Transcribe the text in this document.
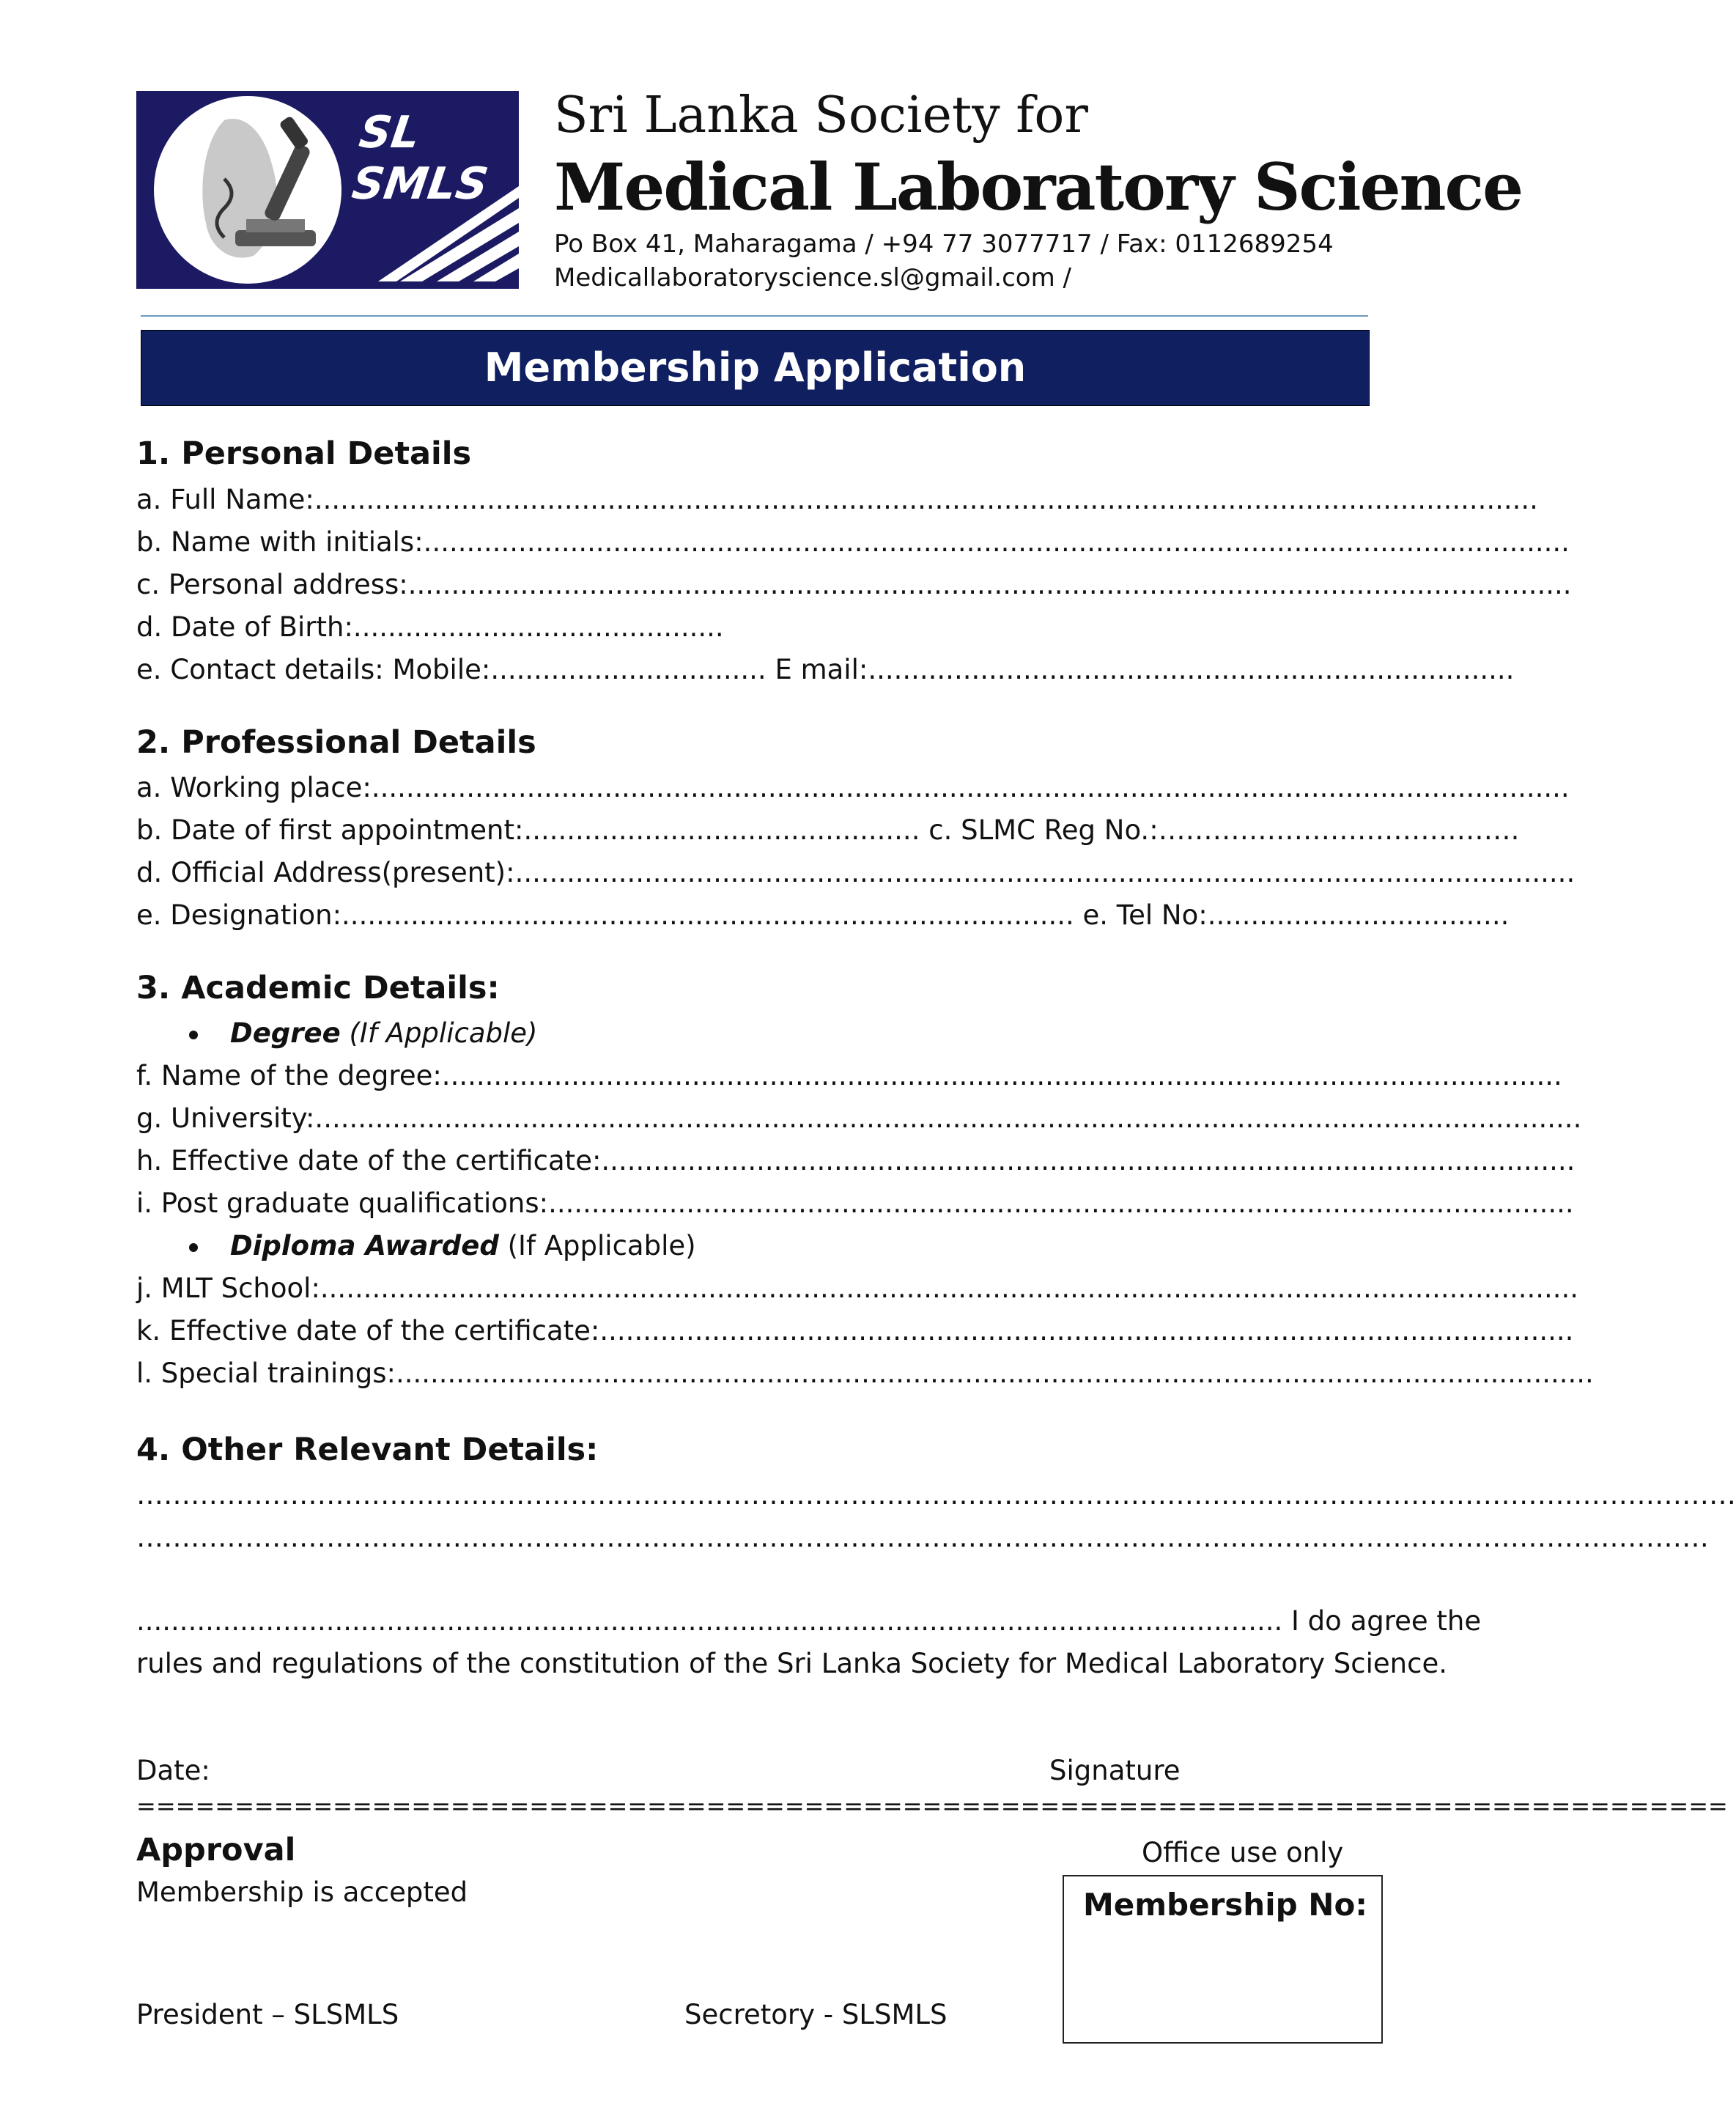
SL SMLS
Sri Lanka Society for
Medical Laboratory Science
Po Box 41, Maharagama / +94 77 3077717 / Fax: 0112689254
Medicallaboratoryscience.sl@gmail.com /
Membership Application
1. Personal Details
a. Full Name:..............................................................................................................................................
b. Name with initials:.....................................................................................................................................
c. Personal address:.......................................................................................................................................
d. Date of Birth:...........................................
e. Contact details: Mobile:................................ E mail:...........................................................................
2. Professional Details
a. Working place:...........................................................................................................................................
b. Date of first appointment:.............................................. c. SLMC Reg No.:………………………………….
d. Official Address(present):...........................................................................................................................
e. Designation:..................................................................................... e. Tel No:...................................
3. Academic Details:
Degree (If Applicable)
f. Name of the degree:..................................................................................................................................
g. University:...................................................................................................................................................
h. Effective date of the certificate:.................................................................................................................
i. Post graduate qualifications:.......................................................................................................................
Diploma Awarded (If Applicable)
j. MLT School:..................................................................................................................................................
k. Effective date of the certificate:.................................................................................................................
l. Special trainings:...........................................................................................................................................
4. Other Relevant Details:
……………………………………………………………………………………………………………………………………………………………
…………………………………………………………………………………………………………………………………………………………
..................................................................................................................................... I do agree the
rules and regulations of the constitution of the Sri Lanka Society for Medical Laboratory Science.
Date:	Signature
=================================================================================
Approval
Membership is accepted
President – SLSMLS	Secretory - SLSMLS
Office use only
Membership No:
